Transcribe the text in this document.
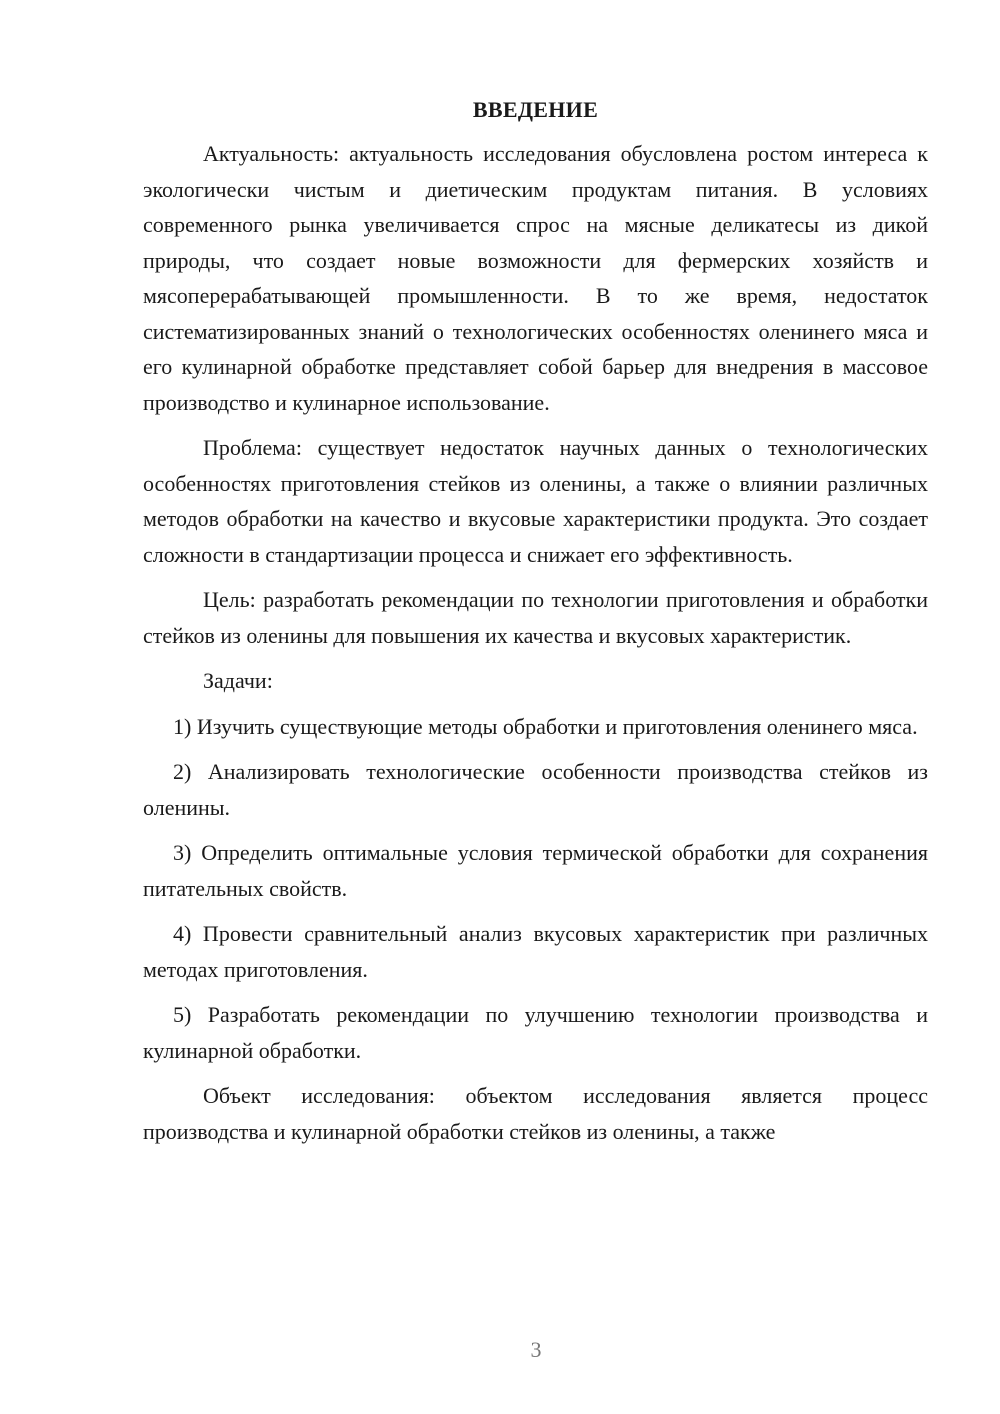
ВВЕДЕНИЕ

Актуальность: актуальность исследования обусловлена ростом интереса к экологически чистым и диетическим продуктам питания. В условиях современного рынка увеличивается спрос на мясные деликатесы из дикой природы, что создает новые возможности для фермерских хозяйств и мясоперерабатывающей промышленности. В то же время, недостаток систематизированных знаний о технологических особенностях оленинего мяса и его кулинарной обработке представляет собой барьер для внедрения в массовое производство и кулинарное использование.

Проблема: существует недостаток научных данных о технологических особенностях приготовления стейков из оленины, а также о влиянии различных методов обработки на качество и вкусовые характеристики продукта. Это создает сложности в стандартизации процесса и снижает его эффективность.

Цель: разработать рекомендации по технологии приготовления и обработки стейков из оленины для повышения их качества и вкусовых характеристик.

Задачи:

1) Изучить существующие методы обработки и приготовления оленинего мяса.

2) Анализировать технологические особенности производства стейков из оленины.

3) Определить оптимальные условия термической обработки для сохранения питательных свойств.

4) Провести сравнительный анализ вкусовых характеристик при различных методах приготовления.

5) Разработать рекомендации по улучшению технологии производства и кулинарной обработки.

Объект исследования: объектом исследования является процесс производства и кулинарной обработки стейков из оленины, а также

3
